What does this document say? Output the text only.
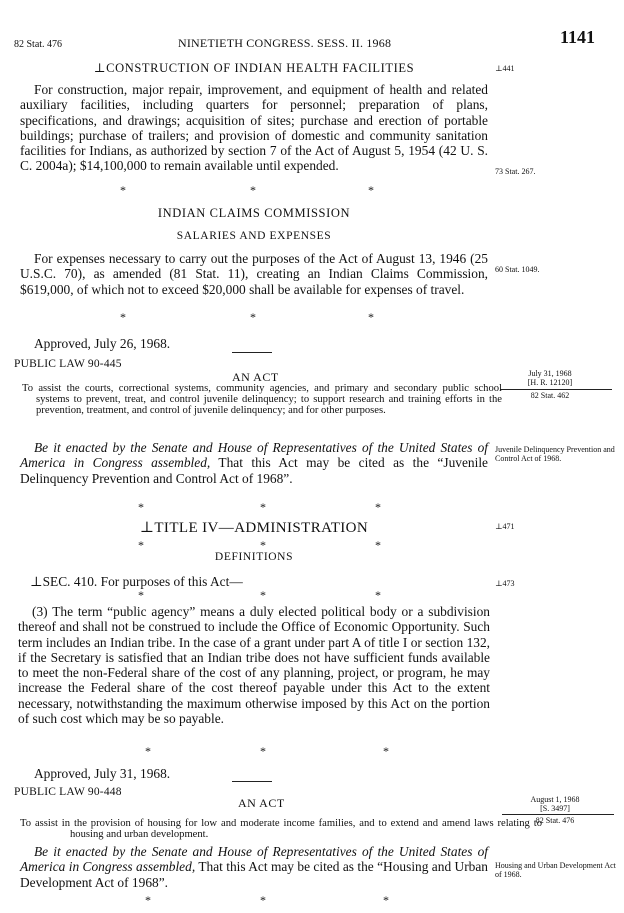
82 Stat. 476	NINETIETH CONGRESS. SESS. II. 1968	1141
⊥CONSTRUCTION OF INDIAN HEALTH FACILITIES	⊥441

For construction, major repair, improvement, and equipment of health and related auxiliary facilities, including quarters for personnel; preparation of plans, specifications, and drawings; acquisition of sites; purchase and erection of portable buildings; purchase of trailers; and provision of domestic and community sanitation facilities for Indians, as authorized by section 7 of the Act of August 5, 1954 (42 U. S. C. 2004a); $14,100,000 to remain available until expended.	73 Stat. 267.
*	*	*
INDIAN CLAIMS COMMISSION
SALARIES AND EXPENSES

For expenses necessary to carry out the purposes of the Act of August 13, 1946 (25 U.S.C. 70), as amended (81 Stat. 11), creating an Indian Claims Commission, $619,000, of which not to exceed $20,000 shall be available for expenses of travel.

60 Stat. 1049.
*	*	*
Approved, July 26, 1968.
PUBLIC LAW 90-445
AN ACT	July 31, 1968
[H. R. 12120]
82 Stat. 462

To assist the courts, correctional systems, community agencies, and primary and secondary public school systems to prevent, treat, and control juvenile delinquency; to support research and training efforts in the prevention, treatment, and control of juvenile delinquency; and for other purposes.

Be it enacted by the Senate and House of Representatives of the United States of America in Congress assembled, That this Act may be cited as the “Juvenile Delinquency Prevention and Control Act of 1968”.

Juvenile Delinquency Prevention and Control Act of 1968.
*	*	*
⊥TITLE IV—ADMINISTRATION	⊥471
*	*	*
DEFINITIONS
⊥SEC. 410. For purposes of this Act—	⊥473
*	*	*

(3) The term “public agency” means a duly elected political body or a subdivision thereof and shall not be construed to include the Office of Economic Opportunity. Such term includes an Indian tribe. In the case of a grant under part A of title I or section 132, if the Secretary is satisfied that an Indian tribe does not have sufficient funds available to meet the non-Federal share of the cost of any planning, project, or program, he may increase the Federal share of the cost thereof payable under this Act to the extent necessary, notwithstanding the maximum otherwise imposed by this Act on the portion of such cost which may be so payable.

*	*	*
Approved, July 31, 1968.
PUBLIC LAW 90-448
AN ACT	August 1, 1968
[S. 3497]
82 Stat. 476

To assist in the provision of housing for low and moderate income families, and to extend and amend laws relating to housing and urban development.

Be it enacted by the Senate and House of Representatives of the United States of America in Congress assembled, That this Act may be cited as the “Housing and Urban Development Act of 1968”.

Housing and Urban Development Act of 1968.
*	*	*
